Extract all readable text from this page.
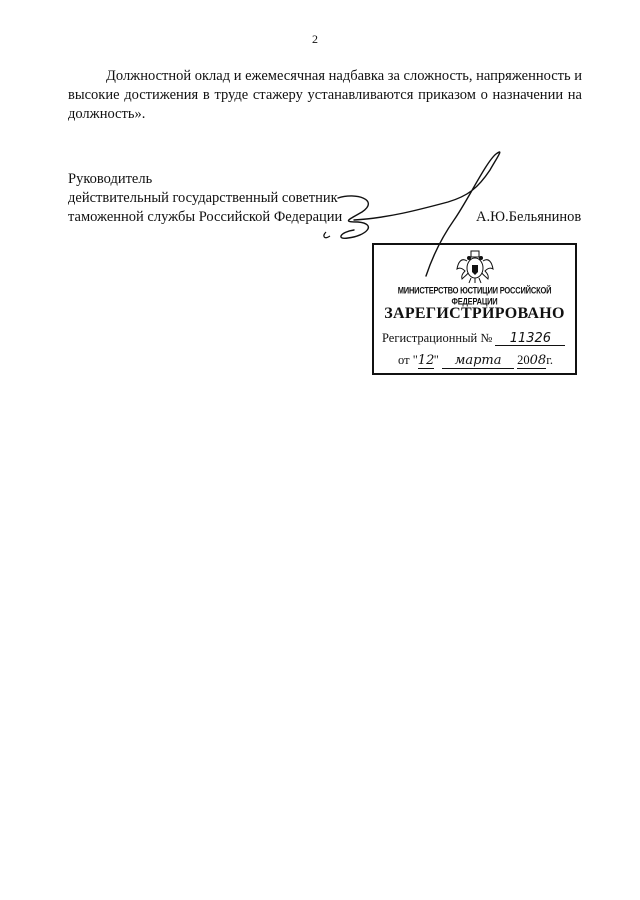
2
Должностной оклад и ежемесячная надбавка за сложность, напряженность и высокие достижения в труде стажеру устанавливаются приказом о назначении на должность».
Руководитель
действительный государственный советник
таможенной службы Российской Федерации	А.Ю.Бельянинов
МИНИСТЕРСТВО ЮСТИЦИИ РОССИЙСКОЙ ФЕДЕРАЦИИ
ЗАРЕГИСТРИРОВАНО
Регистрационный № 11326
от "12" марта 2008г.
